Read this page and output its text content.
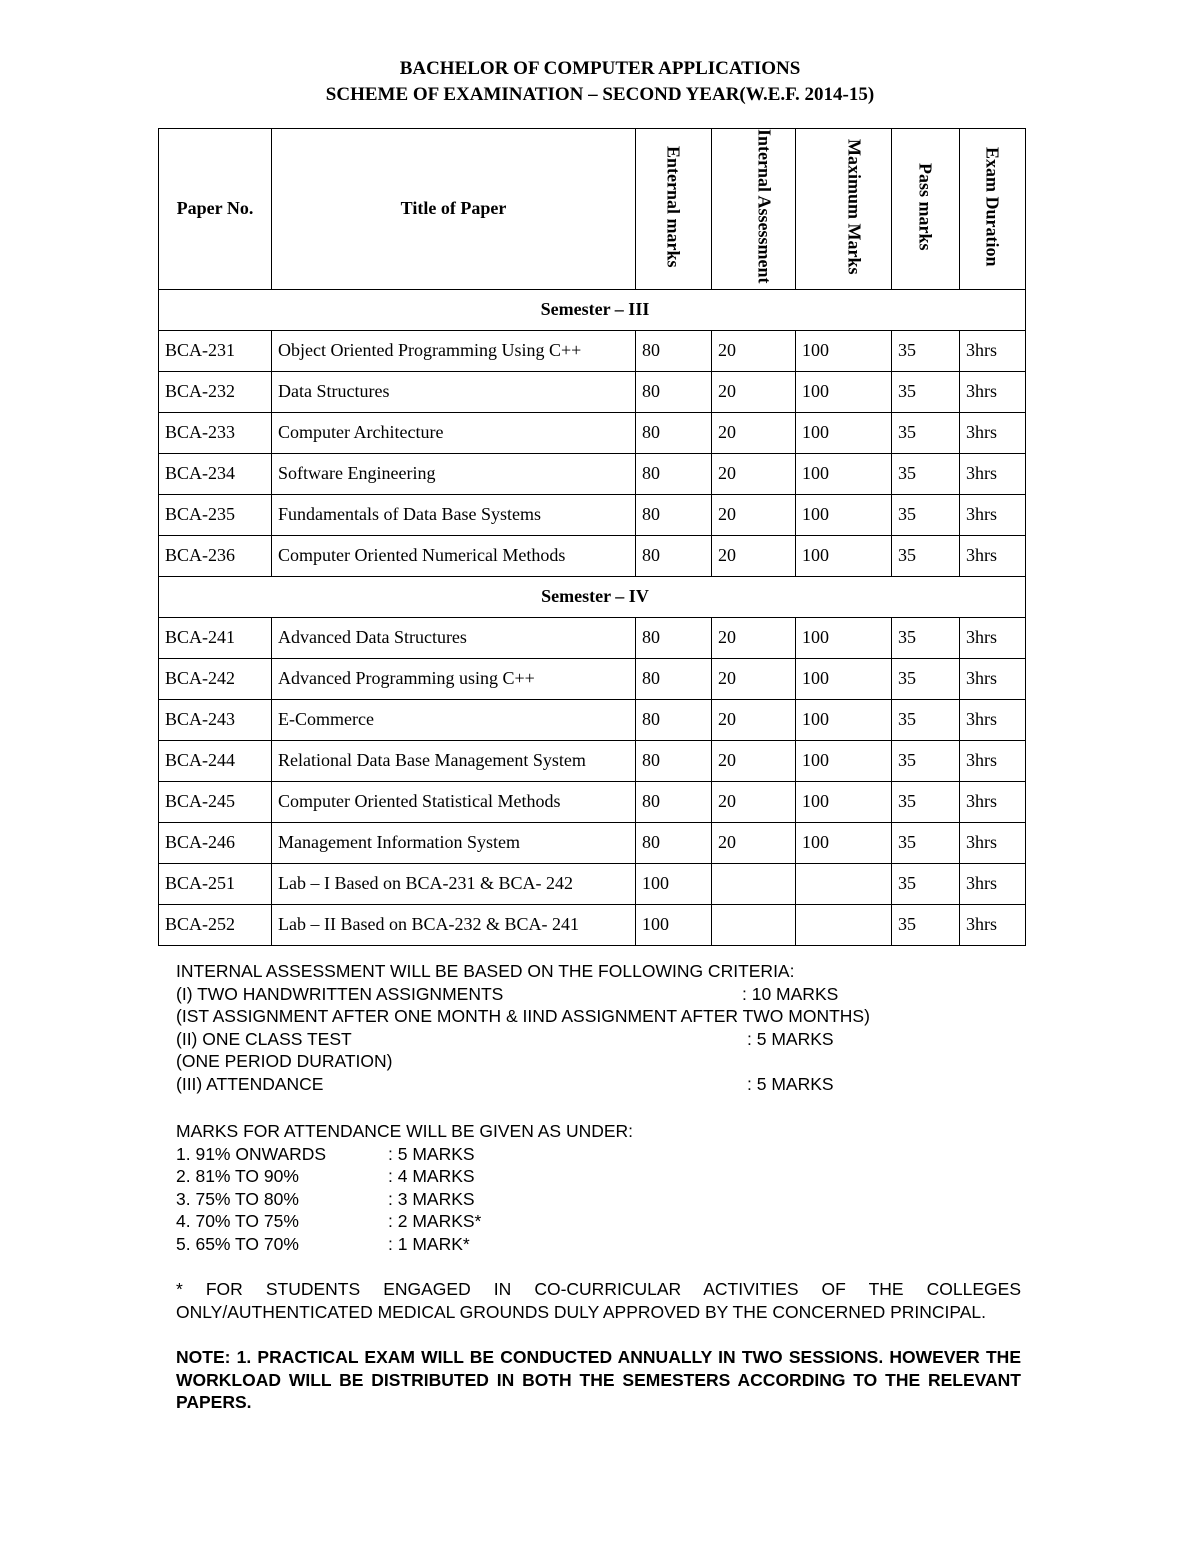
BACHELOR OF COMPUTER APPLICATIONS
SCHEME OF EXAMINATION – SECOND YEAR(W.E.F. 2014-15)
Paper No.	Title of Paper	Enternal marks	Internal Assessment	Maximum Marks	Pass marks	Exam Duration
Semester – III						
BCA-231	Object Oriented Programming Using C++	80	20	100	35	3hrs
BCA-232	Data Structures	80	20	100	35	3hrs
BCA-233	Computer Architecture	80	20	100	35	3hrs
BCA-234	Software Engineering	80	20	100	35	3hrs
BCA-235	Fundamentals of Data Base Systems	80	20	100	35	3hrs
BCA-236	Computer Oriented Numerical Methods	80	20	100	35	3hrs
Semester – IV						
BCA-241	Advanced Data Structures	80	20	100	35	3hrs
BCA-242	Advanced Programming using C++	80	20	100	35	3hrs
BCA-243	E-Commerce	80	20	100	35	3hrs
BCA-244	Relational Data Base Management System	80	20	100	35	3hrs
BCA-245	Computer Oriented Statistical Methods	80	20	100	35	3hrs
BCA-246	Management Information System	80	20	100	35	3hrs
BCA-251	Lab – I Based on BCA-231 & BCA- 242	100			35	3hrs
BCA-252	Lab – II Based on BCA-232 & BCA- 241	100			35	3hrs
INTERNAL ASSESSMENT WILL BE BASED ON THE FOLLOWING CRITERIA:
(I) TWO HANDWRITTEN ASSIGNMENTS	: 10 MARKS
(IST ASSIGNMENT AFTER ONE MONTH & IIND ASSIGNMENT AFTER TWO MONTHS)
(II) ONE CLASS TEST	: 5 MARKS
(ONE PERIOD DURATION)
(III) ATTENDANCE	: 5 MARKS
MARKS FOR ATTENDANCE WILL BE GIVEN AS UNDER:
1. 91% ONWARDS	: 5 MARKS
2. 81% TO 90%	: 4 MARKS
3. 75% TO 80%	: 3 MARKS
4. 70% TO 75%	: 2 MARKS*
5. 65% TO 70%	: 1 MARK*
* FOR STUDENTS ENGAGED IN CO-CURRICULAR ACTIVITIES OF THE COLLEGES ONLY/AUTHENTICATED MEDICAL GROUNDS DULY APPROVED BY THE CONCERNED PRINCIPAL.
NOTE: 1. PRACTICAL EXAM WILL BE CONDUCTED ANNUALLY IN TWO SESSIONS. HOWEVER THE WORKLOAD WILL BE DISTRIBUTED IN BOTH THE SEMESTERS ACCORDING TO THE RELEVANT PAPERS.
